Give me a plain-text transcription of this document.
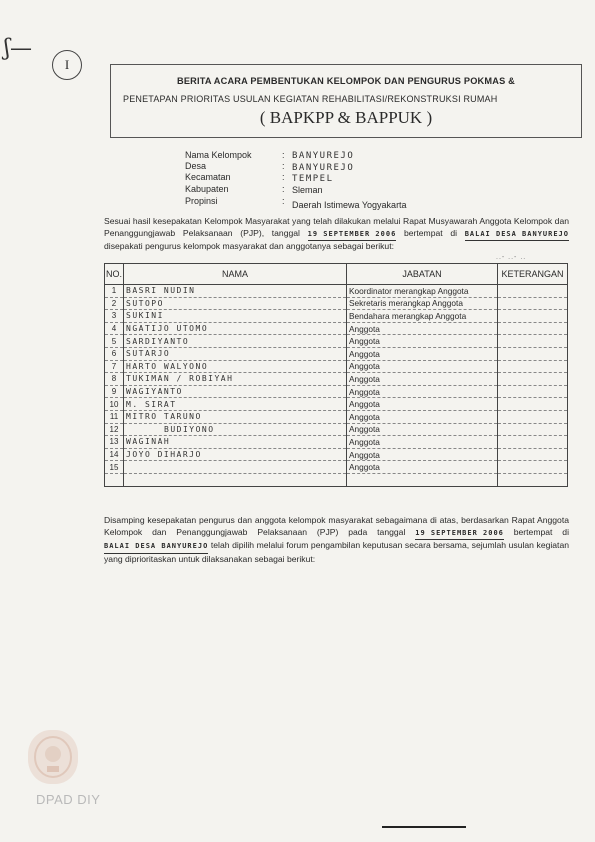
ʃ—
I
BERITA ACARA PEMBENTUKAN KELOMPOK DAN PENGURUS POKMAS &
PENETAPAN PRIORITAS USULAN KEGIATAN REHABILITASI/REKONSTRUKSI RUMAH
( BAPKPP & BAPPUK )
Nama Kelompok	: BANYUREJO
Desa	: BANYUREJO
Kecamatan	: TEMPEL
Kabupaten	: Sleman
Propinsi	: Daerah Istimewa Yogyakarta
Sesuai hasil kesepakatan Kelompok Masyarakat yang telah dilakukan melalui Rapat Musyawarah Anggota Kelompok dan Penanggungjawab Pelaksanaan (PJP), tanggal 19 SEPTEMBER 2006 bertempat di BALAI DESA BANYUREJO disepakati pengurus kelompok masyarakat dan anggotanya sebagai berikut:
..- ..- ..
NO.	NAMA	JABATAN	KETERANGAN
1	BASRI NUDIN	Koordinator merangkap Anggota	
2	SUTOPO	Sekretaris merangkap Anggota	
3	SUKINI	Bendahara merangkap Anggota	
4	NGATIJO UTOMO	Anggota	
5	SARDIYANTO	Anggota	
6	SUTARJO	Anggota	
7	HARTO WALYONO	Anggota	
8	TUKIMAN / ROBIYAH	Anggota	
9	WAGIYANTO	Anggota	
10	M. SIRAT	Anggota	
11	MITRO TARUNO	Anggota	
12	BUDIYONO	Anggota	
13	WAGINAH	Anggota	
14	JOYO DIHARJO	Anggota	
15		Anggota	

Disamping kesepakatan pengurus dan anggota kelompok masyarakat sebagaimana di atas, berdasarkan Rapat Anggota Kelompok dan Penanggungjawab Pelaksanaan (PJP) pada tanggal 19 SEPTEMBER 2006 bertempat di BALAI DESA BANYUREJO telah dipilih melalui forum pengambilan keputusan secara bersama, sejumlah usulan kegiatan yang diprioritaskan untuk dilaksanakan sebagai berikut:
DPAD DIY
